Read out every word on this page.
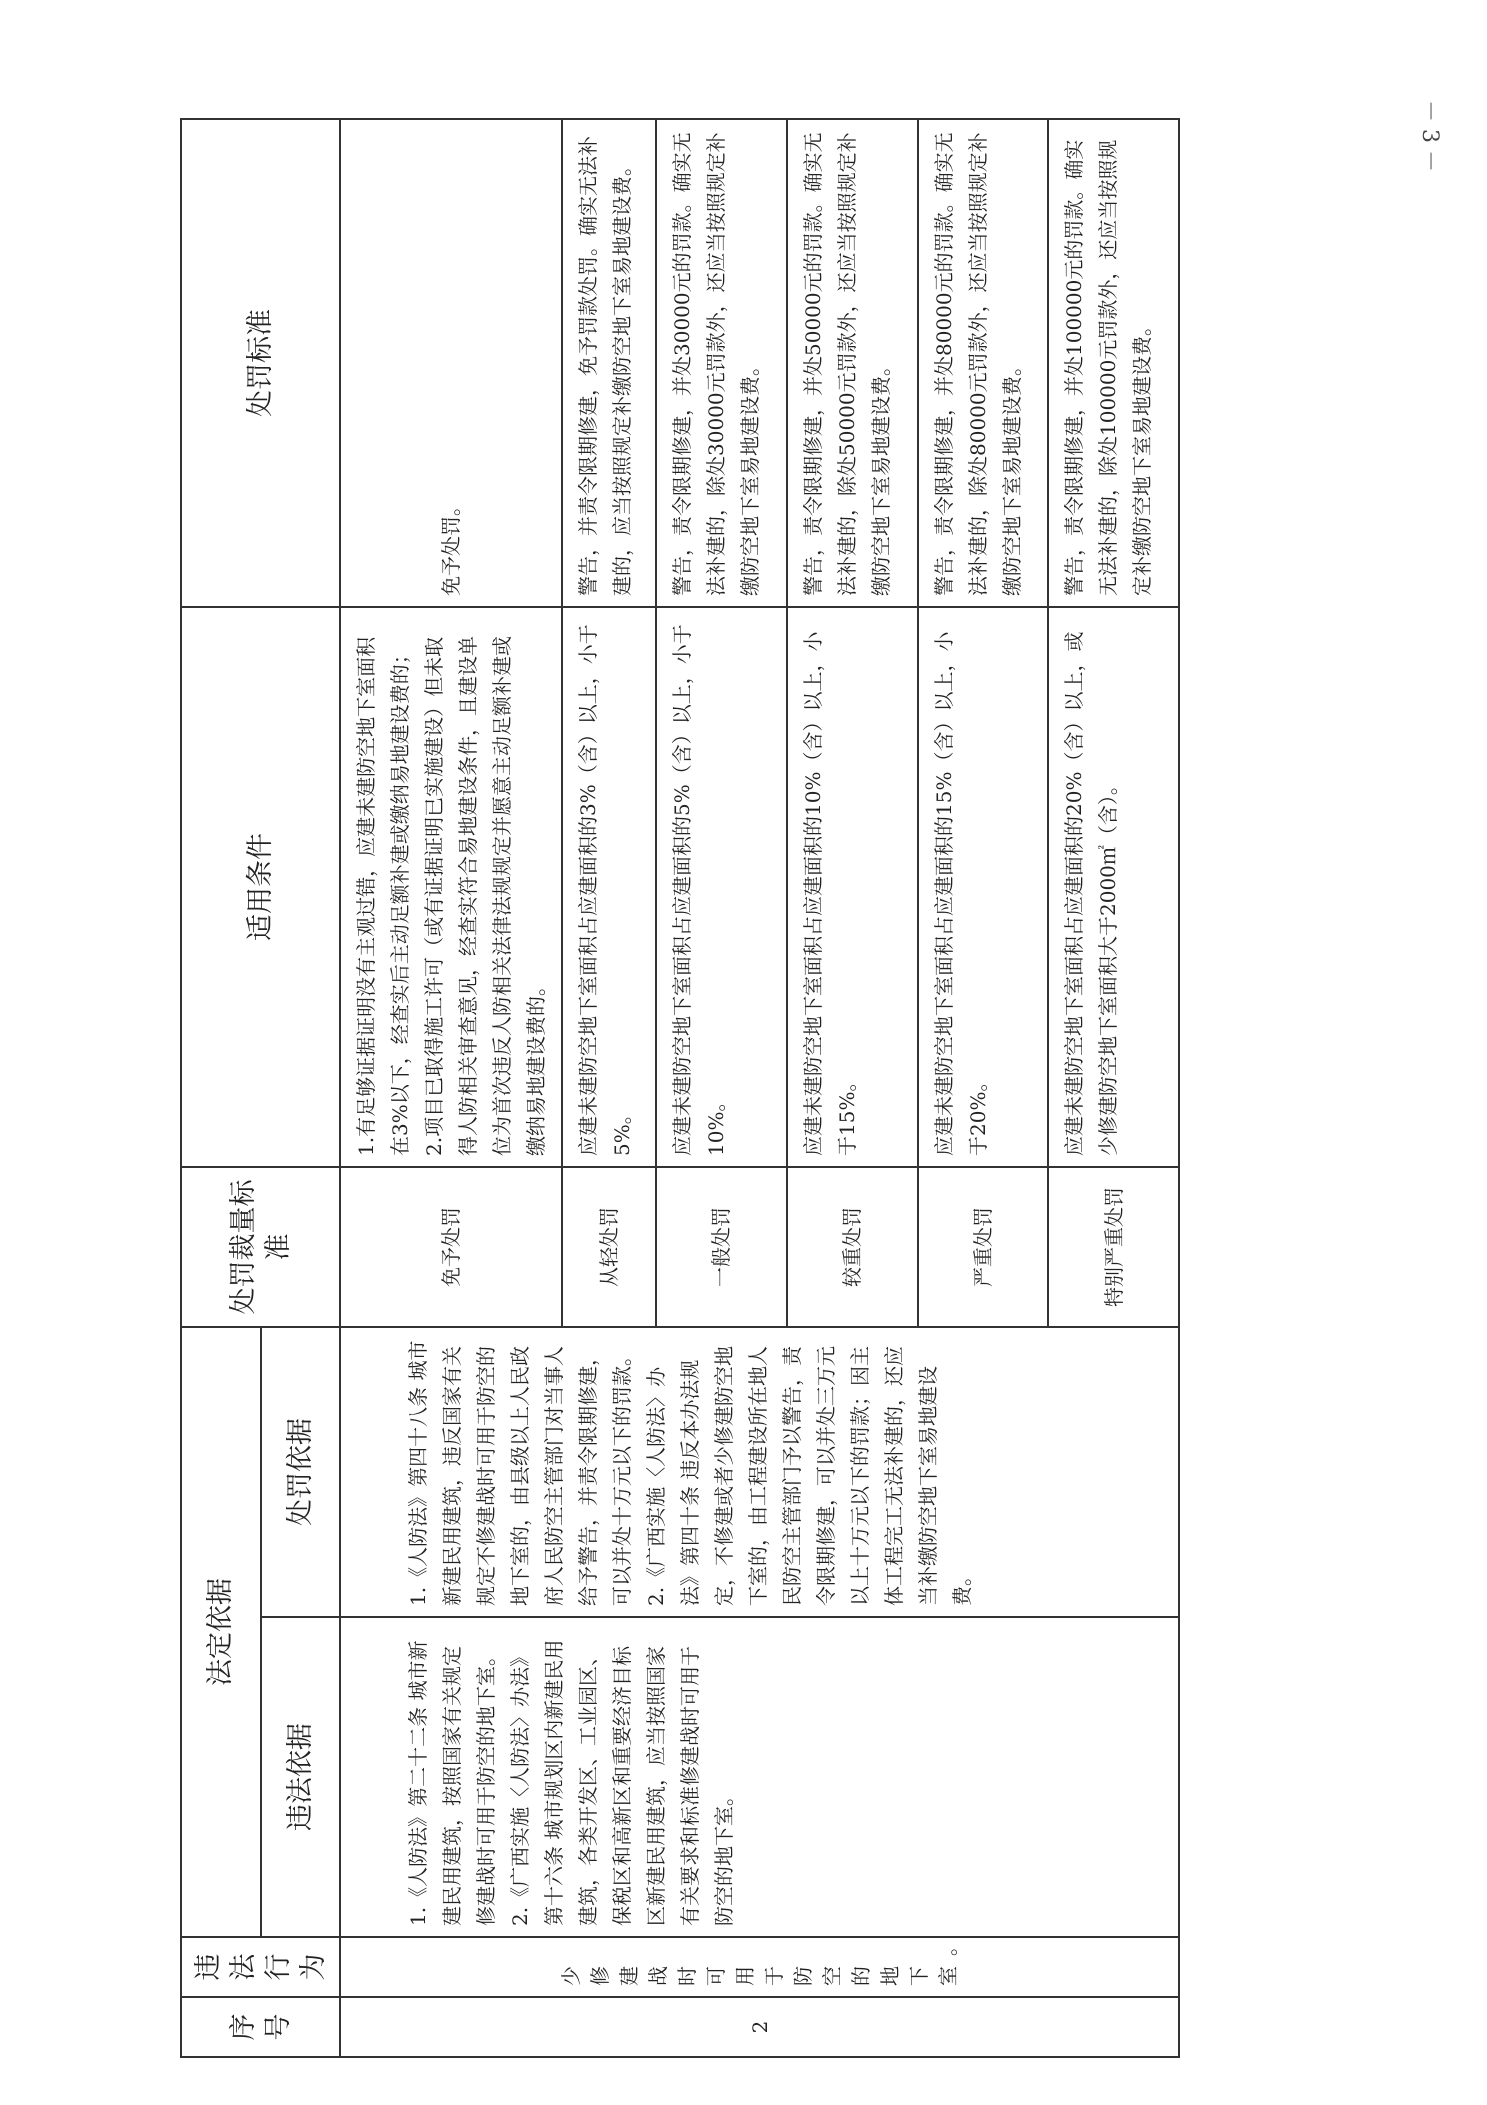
－ 3 －
序号	违法
行为	法定依据		处罚裁量标准	适用条件	处罚标准
		违法依据	处罚依据			
2	少修建战时可用于防空的地下室。	1.《人防法》第二十二条 城市新建民用建筑，按照国家有关规定修建战时可用于防空的地下室。
2.《广西实施〈人防法〉办法》第十六条 城市规划区内新建民用建筑，各类开发区、工业园区、保税区和高新区和重要经济目标区新建民用建筑，应当按照国家有关要求和标准修建战时可用于防空的地下室。	1.《人防法》第四十八条 城市新建民用建筑，违反国家有关规定不修建战时可用于防空的地下室的，由县级以上人民政府人民防空主管部门对当事人给予警告，并责令限期修建，可以并处十万元以下的罚款。
2.《广西实施〈人防法〉办法》第四十条 违反本办法规定，不修建或者少修建防空地下室的，由工程建设所在地人民防空主管部门予以警告，责令限期修建，可以并处三万元以上十万元以下的罚款；因主体工程完工无法补建的，还应当补缴防空地下室易地建设费。	免予处罚	1.有足够证据证明没有主观过错，应建未建防空地下室面积在3%以下，经查实后主动足额补建或缴纳易地建设费的；
2.项目已取得施工许可（或有证据证明已实施建设）但未取得人防相关审查意见，经查实符合易地建设条件，且建设单位为首次违反人防相关法律法规规定并愿意主动足额补建或缴纳易地建设费的。	免予处罚。
				从轻处罚	应建未建防空地下室面积占应建面积的3%（含）以上，小于5%。	警告，并责令限期修建，免予罚款处罚。确实无法补建的，应当按照规定补缴防空地下室易地建设费。
				一般处罚	应建未建防空地下室面积占应建面积的5%（含）以上，小于10%。	警告，责令限期修建，并处30000元的罚款。确实无法补建的，除处30000元罚款外，还应当按照规定补缴防空地下室易地建设费。
				较重处罚	应建未建防空地下室面积占应建面积的10%（含）以上，小于15%。	警告，责令限期修建，并处50000元的罚款。确实无法补建的，除处50000元罚款外，还应当按照规定补缴防空地下室易地建设费。
				严重处罚	应建未建防空地下室面积占应建面积的15%（含）以上，小于20%。	警告，责令限期修建，并处80000元的罚款。确实无法补建的，除处80000元罚款外，还应当按照规定补缴防空地下室易地建设费。
				特别严重处罚	应建未建防空地下室面积占应建面积的20%（含）以上，或少修建防空地下室面积大于2000㎡（含）。	警告，责令限期修建，并处100000元的罚款。确实无法补建的，除处100000元罚款外，还应当按照规定补缴防空地下室易地建设费。
